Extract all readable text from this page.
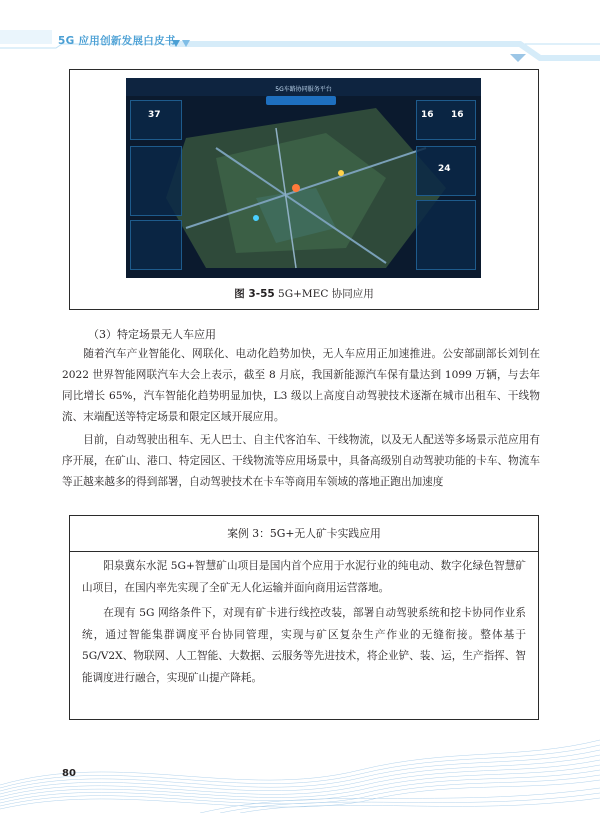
5G 应用创新发展白皮书
5G车路协同服务平台
37	16 16
24
图 3-55 5G+MEC 协同应用
（3）特定场景无人车应用

随着汽车产业智能化、网联化、电动化趋势加快，无人车应用正加速推进。公安部副部长刘钊在 2022 世界智能网联汽车大会上表示，截至 8 月底，我国新能源汽车保有量达到 1099 万辆，与去年同比增长 65%，汽车智能化趋势明显加快，L3 级以上高度自动驾驶技术逐渐在城市出租车、干线物流、末端配送等特定场景和限定区域开展应用。

目前，自动驾驶出租车、无人巴士、自主代客泊车、干线物流，以及无人配送等多场景示范应用有序开展，在矿山、港口、特定园区、干线物流等应用场景中，具备高级别自动驾驶功能的卡车、物流车等正越来越多的得到部署，自动驾驶技术在卡车等商用车领域的落地正跑出加速度

案例 3：5G+无人矿卡实践应用

阳泉冀东水泥 5G+智慧矿山项目是国内首个应用于水泥行业的纯电动、数字化绿色智慧矿山项目，在国内率先实现了全矿无人化运输并面向商用运营落地。

在现有 5G 网络条件下，对现有矿卡进行线控改装，部署自动驾驶系统和挖卡协同作业系统，通过智能集群调度平台协同管理，实现与矿区复杂生产作业的无缝衔接。整体基于 5G/V2X、物联网、人工智能、大数据、云服务等先进技术，将企业铲、装、运，生产指挥、智能调度进行融合，实现矿山提产降耗。

80
